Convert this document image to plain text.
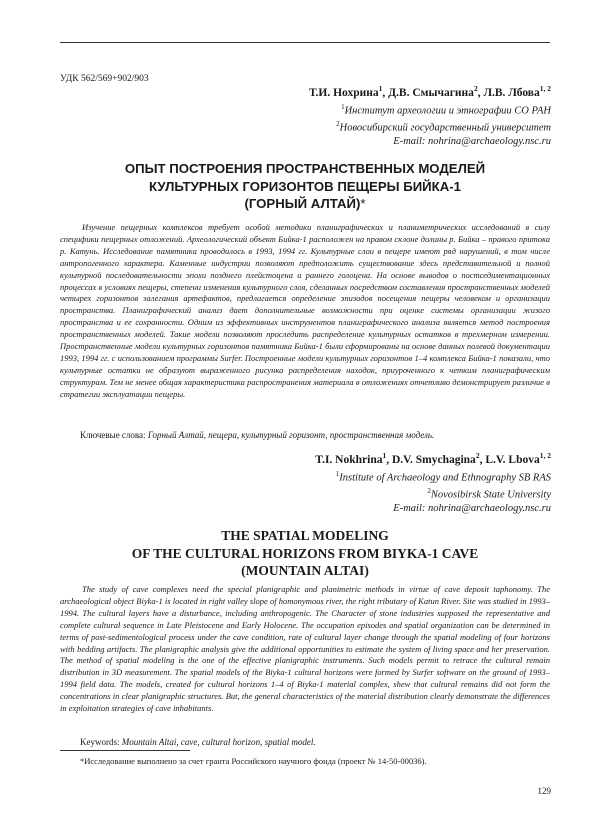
УДК 562/569+902/903
Т.И. Нохрина$^1$, Д.В. Смычагина$^2$, Л.В. Лбова$^{1, 2}$
$^1$Институт археологии и этнографии СО РАН
$^2$Новосибирский государственный университет
E-mail: nohrina@archaeology.nsc.ru
ОПЫТ ПОСТРОЕНИЯ ПРОСТРАНСТВЕННЫХ МОДЕЛЕЙ
КУЛЬТУРНЫХ ГОРИЗОНТОВ ПЕЩЕРЫ БИЙКА-1
(ГОРНЫЙ АЛТАЙ)*
Изучение пещерных комплексов требует особой методики планиграфических и планиметрических исследований в силу специфики пещерных отложений. Археологический объект Бийка-1 расположен на правом склоне долины р. Бийка – правого притока р. Катунь. Исследование памятника проводилось в 1993, 1994 гг. Культурные слои в пещере имеют ряд нарушений, в том числе антропогенного характера. Каменные индустрии позволяют предположить существование здесь представительной и полной культурной последовательности эпохи позднего плейстоцена и раннего голоцена. На основе выводов о постседиментационных процессах в условиях пещеры, степени изменения культурного слоя, сделанных посредством составления пространственных моделей четырех горизонтов залегания артефактов, предлагается определение эпизодов посещения пещеры человеком и организации пространства. Планиграфический анализ дает дополнительные возможности при оценке системы организации жизого пространства и ее сохранности. Одним из эффективных инструментов планиграфического анализа является метод построения пространственных моделей. Такие модели позволяют проследить распределение культурных остатков в трехмерном измерении. Пространственные модели культурных горизонтов памятника Бийка-1 были сформированы на основе данных полевой документации 1993, 1994 гг. с использованием программы Surfer. Построенные модели культурных горизонтов 1–4 комплекса Бийка-1 показали, что культурные остатки не образуют выраженного рисунка распределения находок, приуроченного к четким планиграфическим структурам. Тем не менее общая характеристика распространения материала в отложениях отчетливо демонстрирует различие в стратегии эксплуатации пещеры.
Ключевые слова: Горный Алтай, пещера, культурный горизонт, пространственная модель.
T.I. Nokhrina$^1$, D.V. Smychagina$^2$, L.V. Lbova$^{1, 2}$
$^1$Institute of Archaeology and Ethnography SB RAS
$^2$Novosibirsk State University
E-mail: nohrina@archaeology.nsc.ru
THE SPATIAL MODELING
OF THE CULTURAL HORIZONS FROM BIYKA-1 CAVE
(MOUNTAIN ALTAI)
The study of cave complexes need the special planigraphic and planimetric methods in virtue of cave deposit taphonomy. The archaeological object Biyka-1 is located in right valley slope of homonymous river, the right tributary of Katun River. Site was studied in 1993–1994. The cultural layers have a disturbance, including anthropogenic. The Character of stone industries supposed the representative and complete cultural sequence in Late Pleistocene and Early Holocene. The occupation episodes and spatial organization can be determined in terms of post-sedimentological process under the cave condition, rate of cultural layer change through the spatial modeling of four horizons with bedding artifacts. The planigraphic analysis give the additional opportunities to estimate the system of living space and her preservation. The method of spatial modeling is the one of the effective planigraphic instruments. Such models permit to retrace the cultural remain distribution in 3D measurement. The spatial models of the Biyka-1 cultural horizons were formed by Surfer software on the ground of 1993–1994 field data. The models, created for cultural horizons 1–4 of Biyka-1 material complex, shew that cultural remains did not form the concentrations in clear planigraphic structures. But, the general characteristics of the material distribution clearly demonstrate the differences in exploitation strategies of cave inhabitants.
Keywords: Mountain Altai, cave, cultural horizon, spatial model.
*Исследование выполнено за счет гранта Российского научного фонда (проект № 14-50-00036).
129
